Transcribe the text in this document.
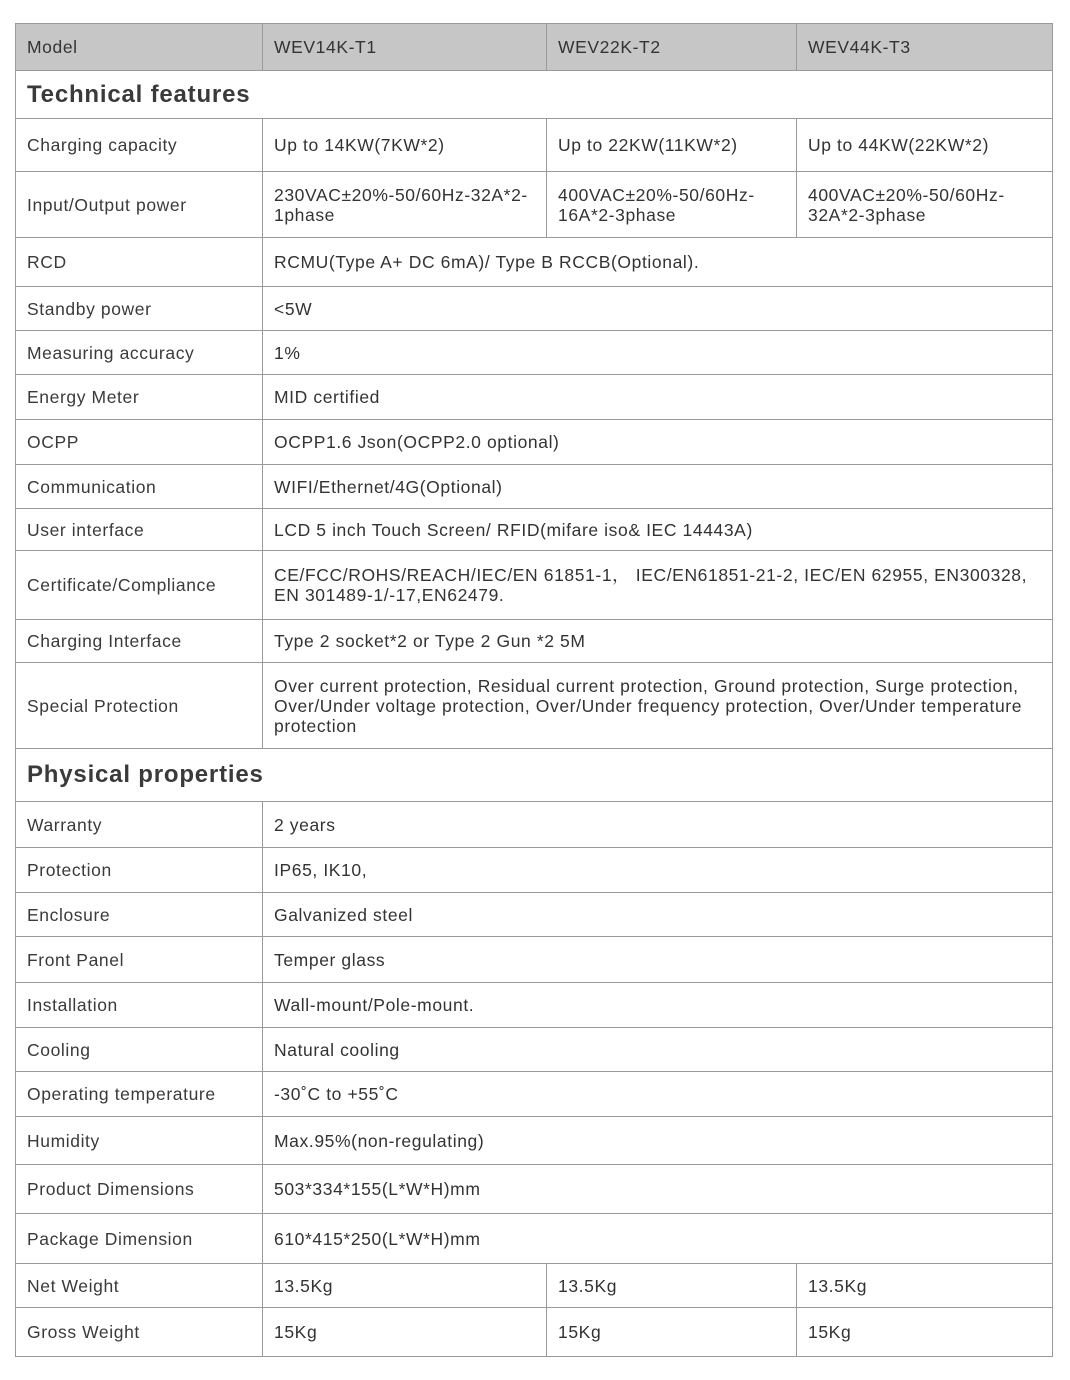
Model	WEV14K-T1	WEV22K-T2	WEV44K-T3
Technical features			
Charging capacity	Up to 14KW(7KW*2)	Up to 22KW(11KW*2)	Up to 44KW(22KW*2)
Input/Output power	230VAC±20%-50/60Hz-32A*2-1phase	400VAC±20%-50/60Hz-16A*2-3phase	400VAC±20%-50/60Hz-32A*2-3phase
RCD	RCMU(Type A+ DC 6mA)/ Type B RCCB(Optional).		
Standby power	<5W		
Measuring accuracy	1%		
Energy Meter	MID certified		
OCPP	OCPP1.6 Json(OCPP2.0 optional)		
Communication	WIFI/Ethernet/4G(Optional)		
User interface	LCD 5 inch Touch Screen/ RFID(mifare iso& IEC 14443A)		
Certificate/Compliance	CE/FCC/ROHS/REACH/IEC/EN 61851-1， IEC/EN61851-21-2, IEC/EN 62955, EN300328, EN 301489-1/-17,EN62479.		
Charging Interface	Type 2 socket*2 or Type 2 Gun *2 5M		
Special Protection	Over current protection, Residual current protection, Ground protection, Surge protection, Over/Under voltage protection, Over/Under frequency protection, Over/Under temperature protection		
Physical properties			
Warranty	2 years		
Protection	IP65, IK10,		
Enclosure	Galvanized steel		
Front Panel	Temper glass		
Installation	Wall-mount/Pole-mount.		
Cooling	Natural cooling		
Operating temperature	-30˚C to +55˚C		
Humidity	Max.95%(non-regulating)		
Product Dimensions	503*334*155(L*W*H)mm		
Package Dimension	610*415*250(L*W*H)mm		
Net Weight	13.5Kg	13.5Kg	13.5Kg
Gross Weight	15Kg	15Kg	15Kg
